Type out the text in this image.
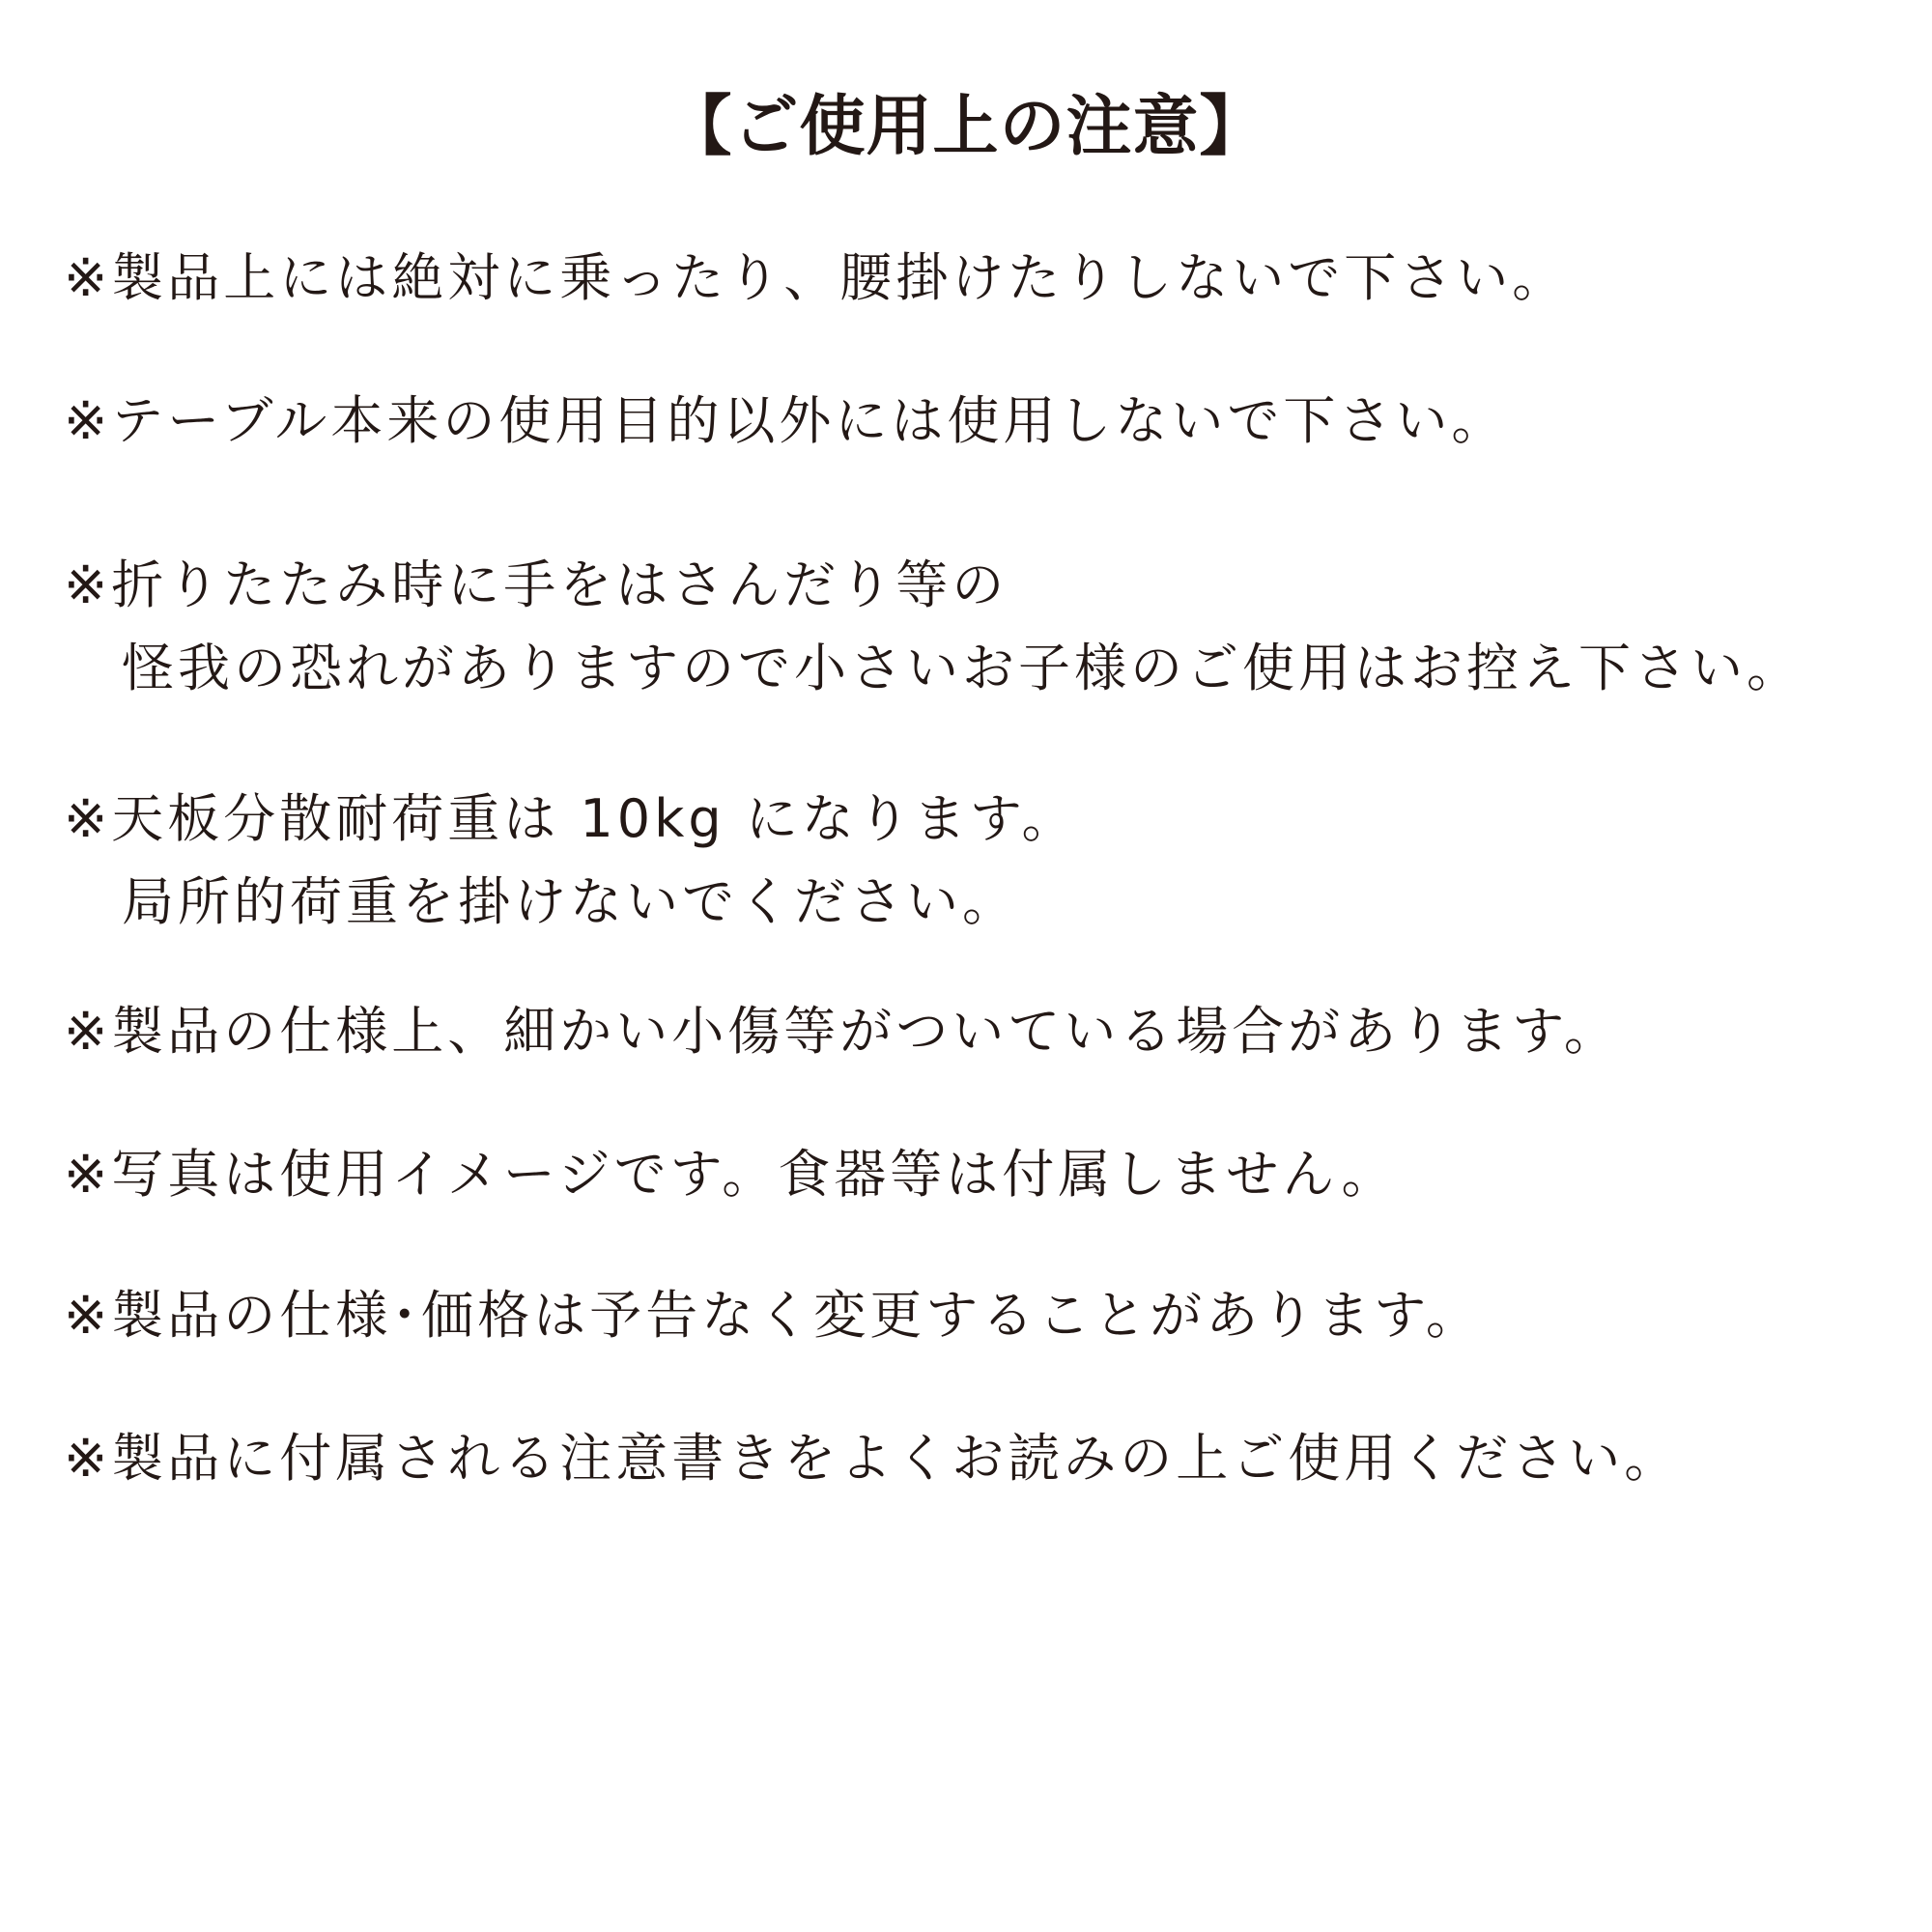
【ご使用上の注意】
※製品上には絶対に乗ったり、腰掛けたりしないで下さい。
※テーブル本来の使用目的以外には使用しないで下さい。
※折りたたみ時に手をはさんだり等の
怪我の恐れがありますので小さいお子様のご使用はお控え下さい。
※天板分散耐荷重は 10kg になります。
局所的荷重を掛けないでください。
※製品の仕様上、細かい小傷等がついている場合があります。
※写真は使用イメージです。食器等は付属しません。
※製品の仕様･価格は予告なく変更することがあります。
※製品に付属される注意書きをよくお読みの上ご使用ください。
